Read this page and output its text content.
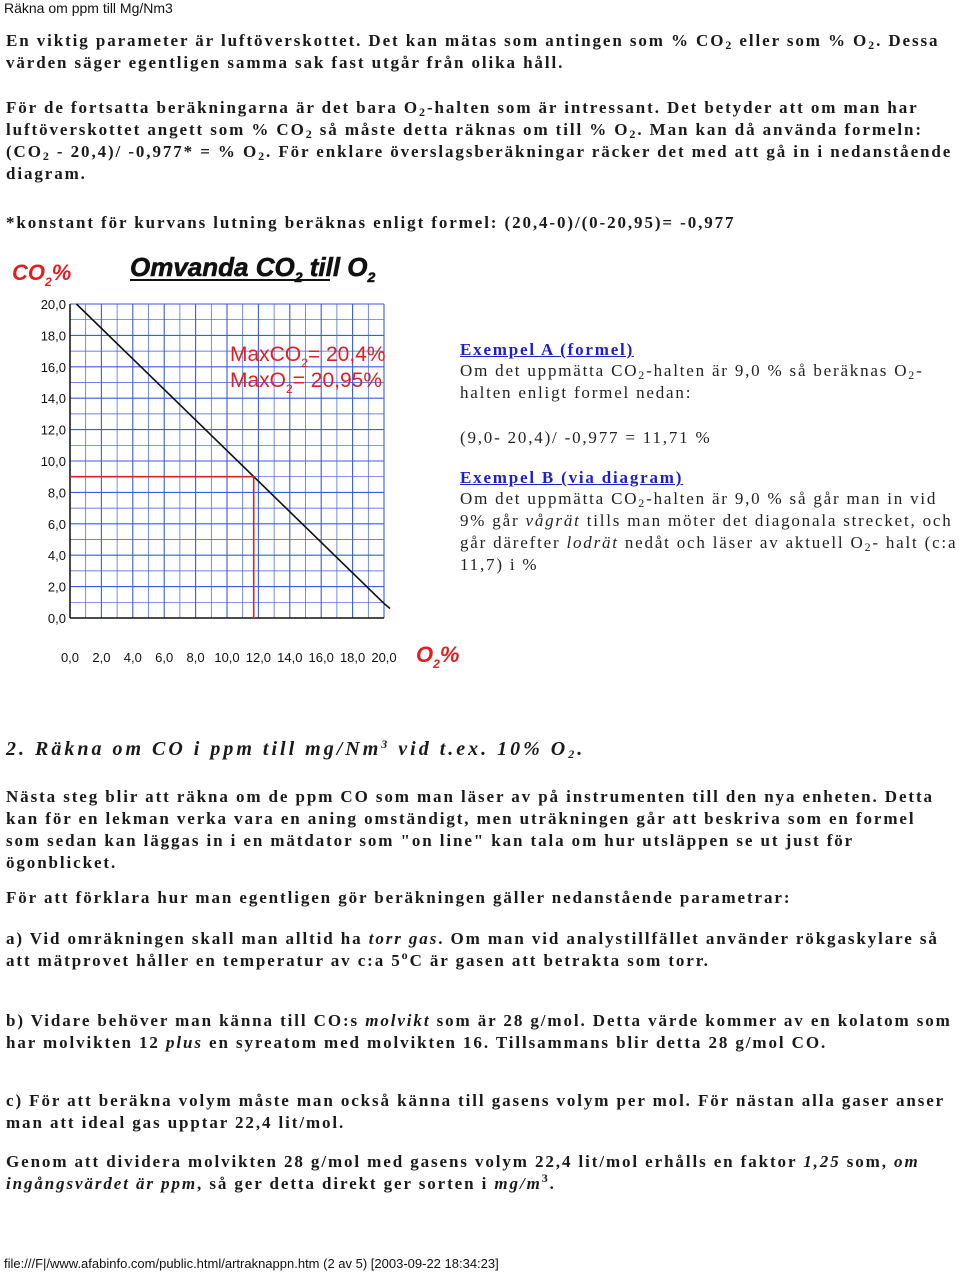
Räkna om ppm till Mg/Nm3

En viktig parameter är luftöverskottet. Det kan mätas som antingen som % $CO_2$ eller som % $O_2$. Dessa värden säger egentligen samma sak fast utgår från olika håll.

För de fortsatta beräkningarna är det bara $O_2$-halten som är intressant. Det betyder att om man har luftöverskottet angett som % $CO_2$ så måste detta räknas om till % $O_2$. Man kan då använda formeln: $(CO_2 - 20,4)/$ -0,977* = % $O_2$. För enklare överslagsberäkningar räcker det med att gå in i nedanstående diagram.

*konstant för kurvans lutning beräknas enligt formel: (20,4-0)/(0-20,95)= -0,977

Omvanda $CO_2$ till $O_2$
$CO_2\%$
$O_2\%$
0,0 2,0 4,0 6,0 8,0 10,0 12,0 14,0 16,0 18,0 20,0
20,0
18,0
16,0
14,0
12,0
10,0
8,0
6,0
4,0
2,0
0,0
MaxCO$_2$= 20,4%
MaxO$_2$= 20,95%

Exempel A (formel)

Om det uppmätta $CO_2$-halten är 9,0 % så beräknas $O_2$-halten enligt formel nedan:

(9,0- 20,4)/ -0,977 = 11,71 %

Exempel B (via diagram)

Om det uppmätta $CO_2$-halten är 9,0 % så går man in vid 9% går vågrät tills man möter det diagonala strecket, och går därefter lodrät nedåt och läser av aktuell $O_2-$ halt (c:a 11,7) i %

2. Räkna om CO i ppm till mg/Nm$^3$ vid t.ex. 10% $O_2$.

Nästa steg blir att räkna om de ppm CO som man läser av på instrumenten till den nya enheten. Detta kan för en lekman verka vara en aning omständigt, men uträkningen går att beskriva som en formel som sedan kan läggas in i en mätdator som "on line" kan tala om hur utsläppen se ut just för ögonblicket.

För att förklara hur man egentligen gör beräkningen gäller nedanstående parametrar:

a) Vid omräkningen skall man alltid ha torr gas. Om man vid analystillfället använder rökgaskylare så att mätprovet håller en temperatur av c:a 5$^o$C är gasen att betrakta som torr.

b) Vidare behöver man känna till CO:s molvikt som är 28 g/mol. Detta värde kommer av en kolatom som har molvikten 12 plus en syreatom med molvikten 16. Tillsammans blir detta 28 g/mol CO.

c) För att beräkna volym måste man också känna till gasens volym per mol. För nästan alla gaser anser man att ideal gas upptar 22,4 lit/mol.

Genom att dividera molvikten 28 g/mol med gasens volym 22,4 lit/mol erhålls en faktor 1,25 som, om ingångsvärdet är ppm, så ger detta direkt ger sorten i $mg/m^3$.

file:///F|/www.afabinfo.com/public.html/artraknappn.htm (2 av 5) [2003-09-22 18:34:23]
